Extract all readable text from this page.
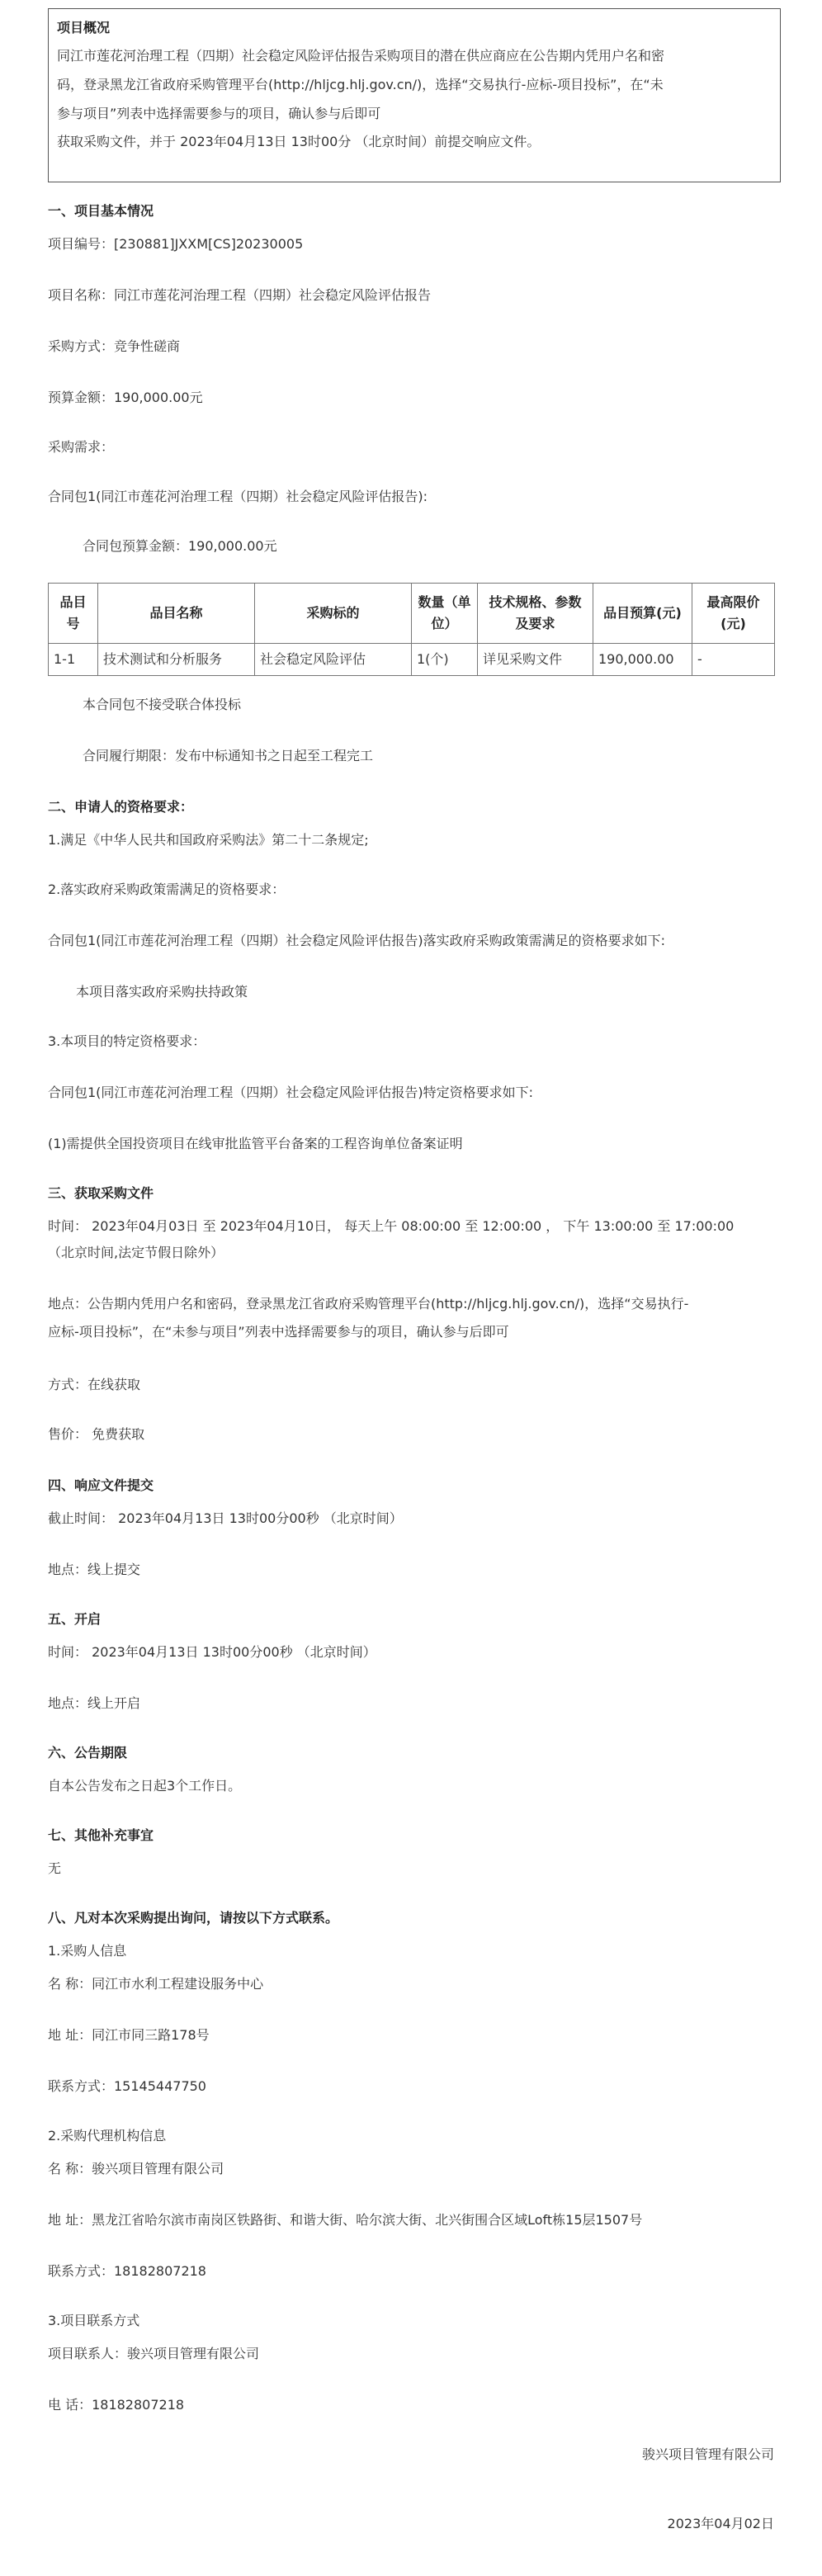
项目概况
同江市莲花河治理工程（四期）社会稳定风险评估报告采购项目的潜在供应商应在公告期内凭用户名和密
码，登录黑龙江省政府采购管理平台(http://hljcg.hlj.gov.cn/)，选择“交易执行-应标-项目投标”，在“未
参与项目”列表中选择需要参与的项目，确认参与后即可
获取采购文件，并于 2023年04月13日 13时00分 （北京时间）前提交响应文件。
一、项目基本情况
项目编号：[230881]JXXM[CS]20230005
项目名称：同江市莲花河治理工程（四期）社会稳定风险评估报告
采购方式：竞争性磋商
预算金额：190,000.00元
采购需求：
合同包1(同江市莲花河治理工程（四期）社会稳定风险评估报告):
合同包预算金额：190,000.00元
品目号	品目名称	采购标的	数量（单位）	技术规格、参数及要求	品目预算(元)	最高限价(元)
1-1	技术测试和分析服务	社会稳定风险评估	1(个)	详见采购文件	190,000.00	-
本合同包不接受联合体投标
合同履行期限：发布中标通知书之日起至工程完工
二、申请人的资格要求：
1.满足《中华人民共和国政府采购法》第二十二条规定;
2.落实政府采购政策需满足的资格要求：
合同包1(同江市莲花河治理工程（四期）社会稳定风险评估报告)落实政府采购政策需满足的资格要求如下:
本项目落实政府采购扶持政策
3.本项目的特定资格要求：
合同包1(同江市莲花河治理工程（四期）社会稳定风险评估报告)特定资格要求如下:
(1)需提供全国投资项目在线审批监管平台备案的工程咨询单位备案证明
三、获取采购文件
时间： 2023年04月03日 至 2023年04月10日， 每天上午 08:00:00 至 12:00:00 ， 下午 13:00:00 至 17:00:00
（北京时间,法定节假日除外）
地点：公告期内凭用户名和密码，登录黑龙江省政府采购管理平台(http://hljcg.hlj.gov.cn/)，选择“交易执行-
应标-项目投标”，在“未参与项目”列表中选择需要参与的项目，确认参与后即可
方式：在线获取
售价： 免费获取
四、响应文件提交
截止时间： 2023年04月13日 13时00分00秒 （北京时间）
地点：线上提交
五、开启
时间： 2023年04月13日 13时00分00秒 （北京时间）
地点：线上开启
六、公告期限
自本公告发布之日起3个工作日。
七、其他补充事宜
无
八、凡对本次采购提出询问，请按以下方式联系。
1.采购人信息
名 称：同江市水利工程建设服务中心
地 址：同江市同三路178号
联系方式：15145447750
2.采购代理机构信息
名 称：骏兴项目管理有限公司
地 址：黑龙江省哈尔滨市南岗区铁路街、和谐大街、哈尔滨大街、北兴街围合区域Loft栋15层1507号
联系方式：18182807218
3.项目联系方式
项目联系人：骏兴项目管理有限公司
电 话：18182807218
骏兴项目管理有限公司
2023年04月02日
